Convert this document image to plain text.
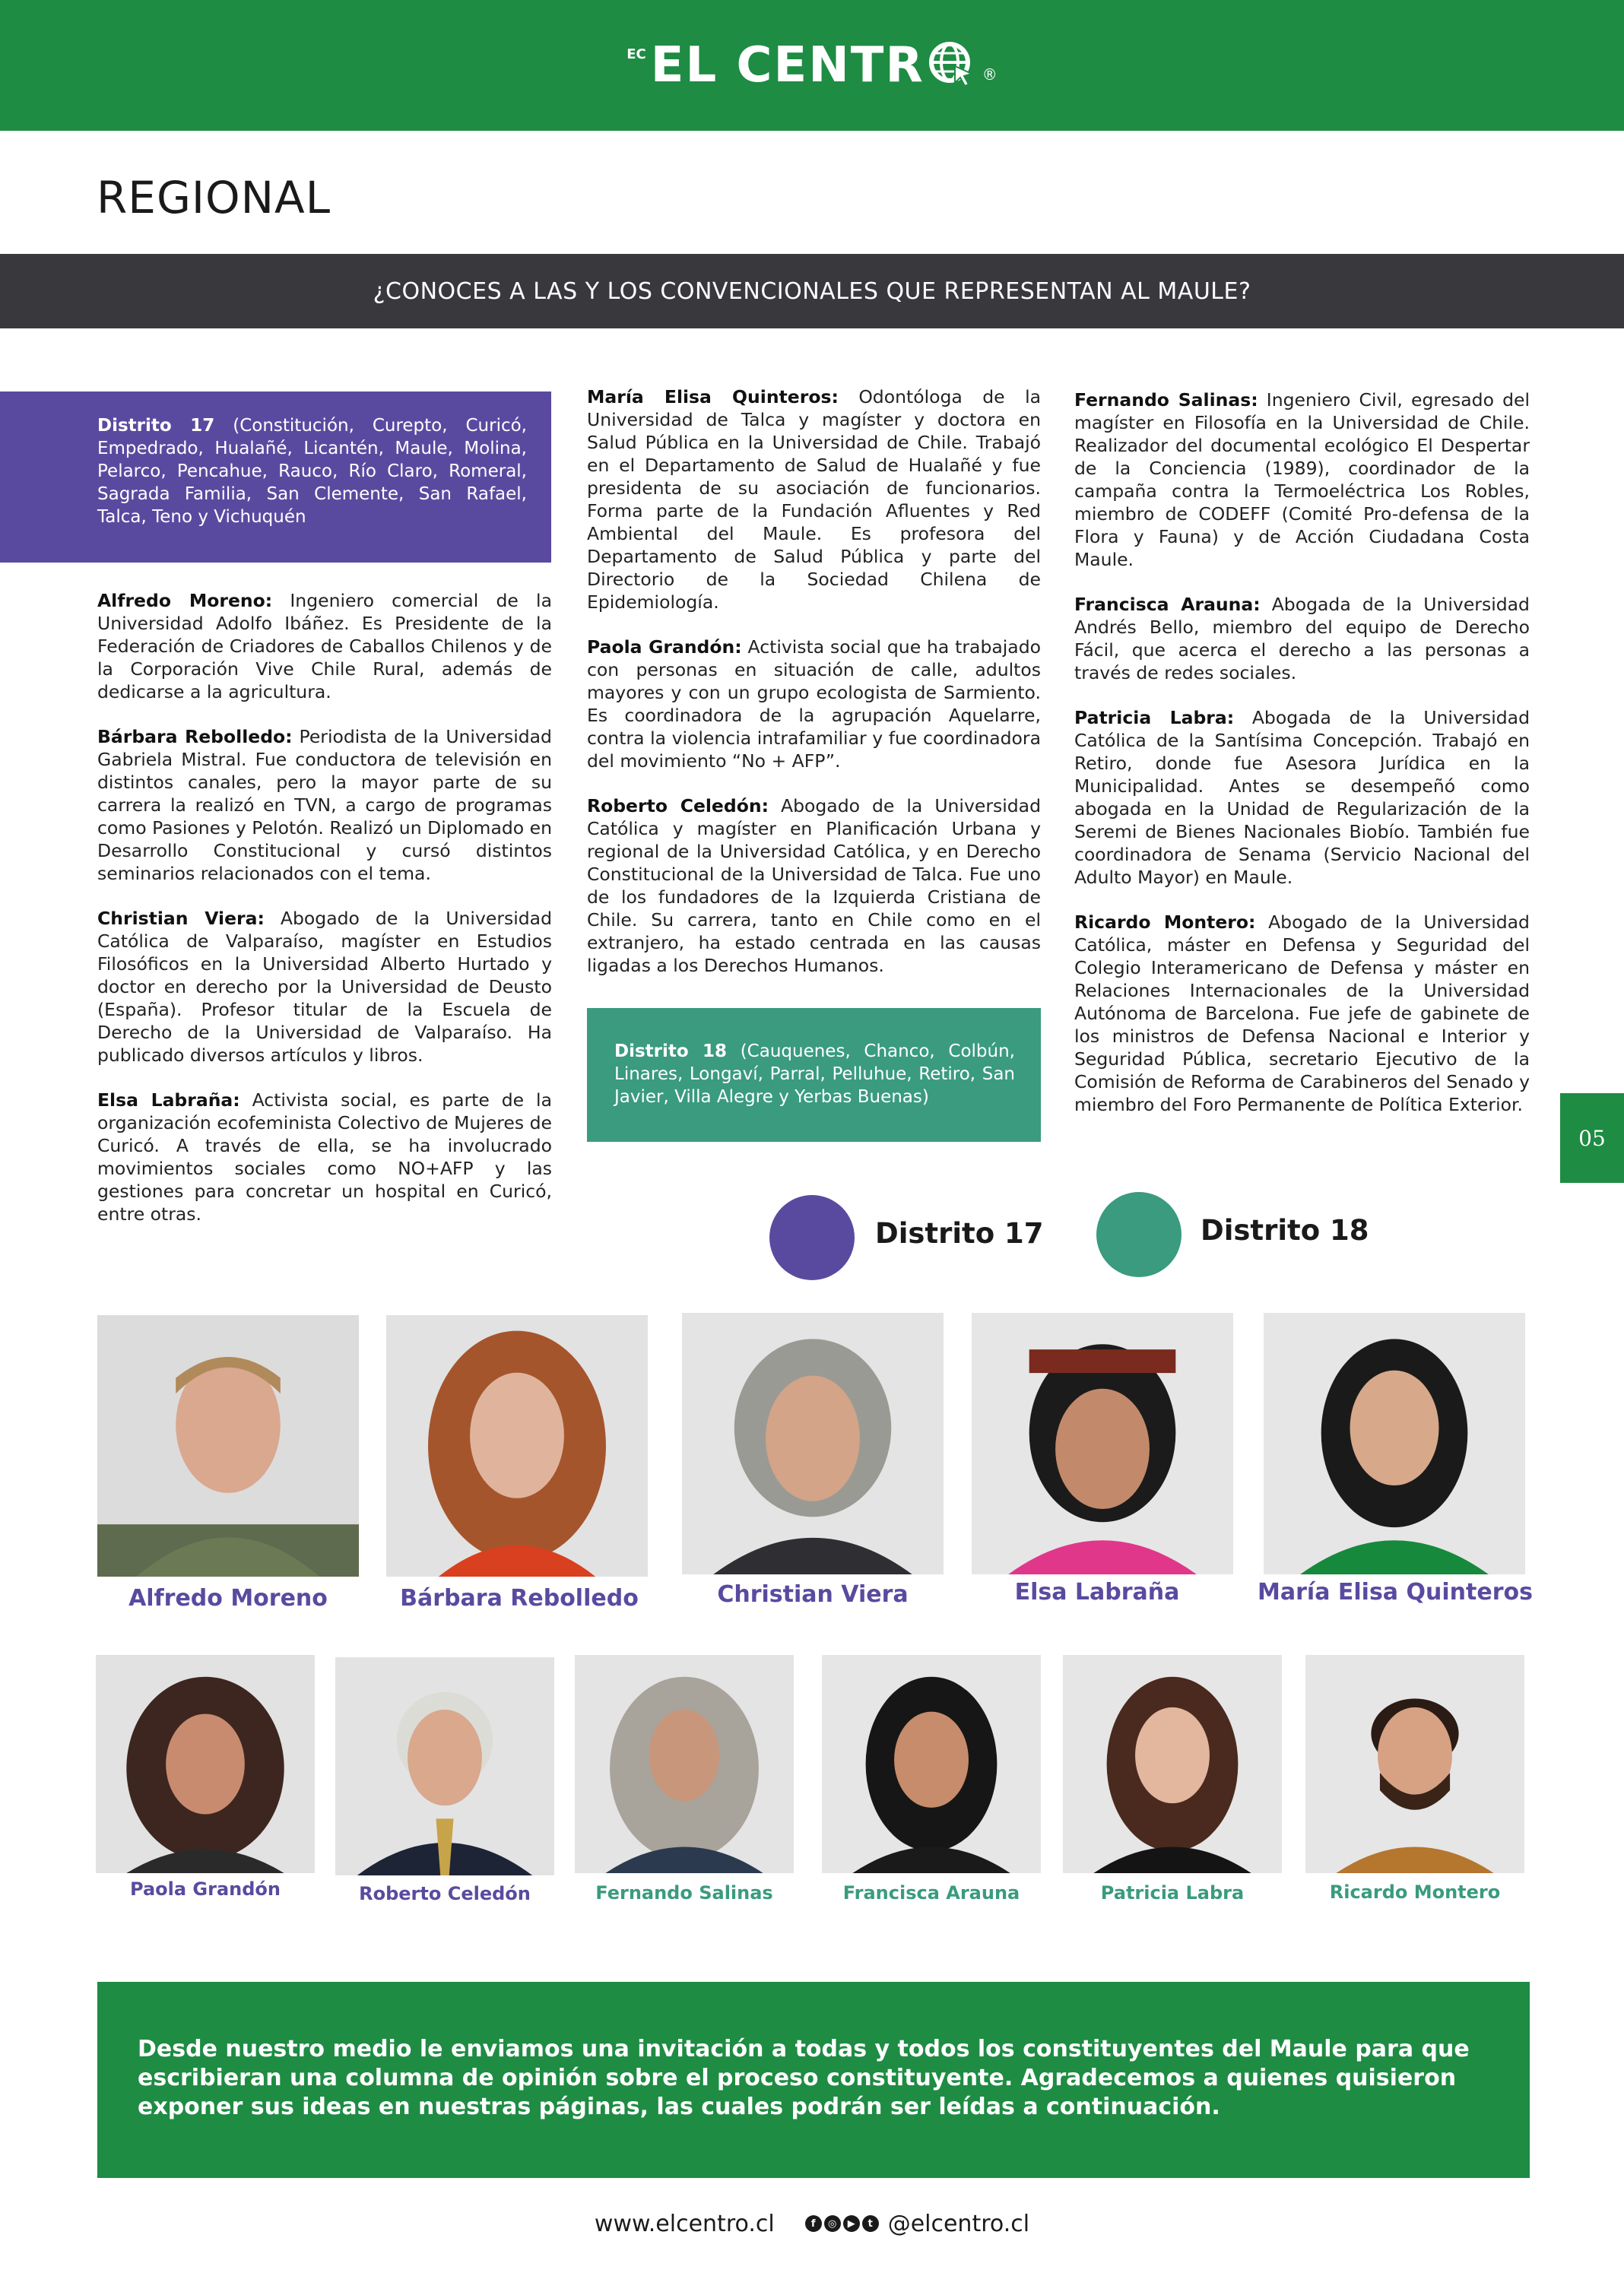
EC EL CENTR	®
REGIONAL
¿CONOCES A LAS Y LOS CONVENCIONALES QUE REPRESENTAN AL MAULE?
Distrito 17 (Constitución, Curepto, Curicó, Empedrado, Hualañé, Licantén, Maule, Molina, Pelarco, Pencahue, Rauco, Río Claro, Romeral, Sagrada Familia, San Clemente, San Rafael, Talca, Teno y Vichuquén

Alfredo Moreno: Ingeniero comercial de la Universidad Adolfo Ibáñez. Es Presidente de la Federación de Criadores de Caballos Chilenos y de la Corporación Vive Chile Rural, además de dedicarse a la agricultura.

Bárbara Rebolledo: Periodista de la Universidad Gabriela Mistral. Fue conductora de televisión en distintos canales, pero la mayor parte de su carrera la realizó en TVN, a cargo de programas como Pasiones y Pelotón. Realizó un Diplomado en Desarrollo Constitucional y cursó distintos seminarios relacionados con el tema.

Christian Viera: Abogado de la Universidad Católica de Valparaíso, magíster en Estudios Filosóficos en la Universidad Alberto Hurtado y doctor en derecho por la Universidad de Deusto (España). Profesor titular de la Escuela de Derecho de la Universidad de Valparaíso. Ha publicado diversos artículos y libros.

Elsa Labraña: Activista social, es parte de la organización ecofeminista Colectivo de Mujeres de Curicó. A través de ella, se ha involucrado movimientos sociales como NO+AFP y las gestiones para concretar un hospital en Curicó, entre otras.

María Elisa Quinteros: Odontóloga de la Universidad de Talca y magíster y doctora en Salud Pública en la Universidad de Chile. Trabajó en el Departamento de Salud de Hualañé y fue presidenta de su asociación de funcionarios. Forma parte de la Fundación Afluentes y Red Ambiental del Maule. Es profesora del Departamento de Salud Pública y parte del Directorio de la Sociedad Chilena de Epidemiología.

Paola Grandón: Activista social que ha trabajado con personas en situación de calle, adultos mayores y con un grupo ecologista de Sarmiento. Es coordinadora de la agrupación Aquelarre, contra la violencia intrafamiliar y fue coordinadora del movimiento “No + AFP”.

Roberto Celedón: Abogado de la Universidad Católica y magíster en Planificación Urbana y regional de la Universidad Católica, y en Derecho Constitucional de la Universidad de Talca. Fue uno de los fundadores de la Izquierda Cristiana de Chile. Su carrera, tanto en Chile como en el extranjero, ha estado centrada en las causas ligadas a los Derechos Humanos.

Distrito 18 (Cauquenes, Chanco, Colbún, Linares, Longaví, Parral, Pelluhue, Retiro, San Javier, Villa Alegre y Yerbas Buenas)

Fernando Salinas: Ingeniero Civil, egresado del magíster en Filosofía en la Universidad de Chile. Realizador del documental ecológico El Despertar de la Conciencia (1989), coordinador de la campaña contra la Termoeléctrica Los Robles, miembro de CODEFF (Comité Pro-defensa de la Flora y Fauna) y de Acción Ciudadana Costa Maule.

Francisca Arauna: Abogada de la Universidad Andrés Bello, miembro del equipo de Derecho Fácil, que acerca el derecho a las personas a través de redes sociales.

Patricia Labra: Abogada de la Universidad Católica de la Santísima Concepción. Trabajó en Retiro, donde fue Asesora Jurídica en la Municipalidad. Antes se desempeñó como abogada en la Unidad de Regularización de la Seremi de Bienes Nacionales Biobío. También fue coordinadora de Senama (Servicio Nacional del Adulto Mayor) en Maule.

Ricardo Montero: Abogado de la Universidad Católica, máster en Defensa y Seguridad del Colegio Interamericano de Defensa y máster en Relaciones Internacionales de la Universidad Autónoma de Barcelona. Fue jefe de gabinete de los ministros de Defensa Nacional e Interior y Seguridad Pública, secretario Ejecutivo de la Comisión de Reforma de Carabineros del Senado y miembro del Foro Permanente de Política Exterior.

05
Distrito 17	Distrito 18
Alfredo Moreno	Bárbara Rebolledo	Christian Viera	Elsa Labraña	María Elisa Quinteros
Paola Grandón	Roberto Celedón	Fernando Salinas	Francisca Arauna	Patricia Labra	Ricardo Montero
Desde nuestro medio le enviamos una invitación a todas y todos los constituyentes del Maule para que escribieran una columna de opinión sobre el proceso constituyente. Agradecemos a quienes quisieron exponer sus ideas en nuestras páginas, las cuales podrán ser leídas a continuación.
www.elcentro.cl	f	◎	▶	t @elcentro.cl
